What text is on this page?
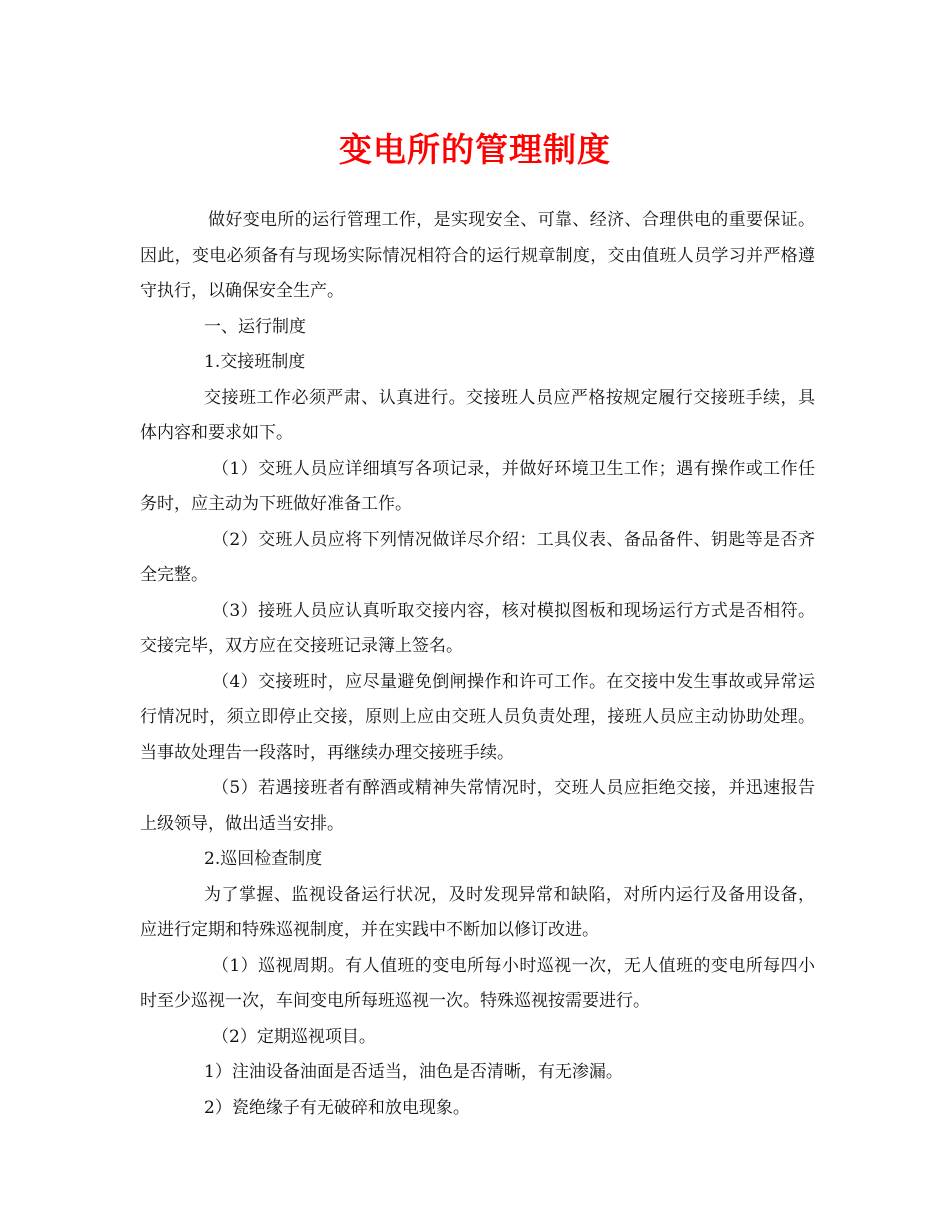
变电所的管理制度

做好变电所的运行管理工作，是实现安全、可靠、经济、合理供电的重要保证。因此，变电必须备有与现场实际情况相符合的运行规章制度，交由值班人员学习并严格遵守执行，以确保安全生产。

一、运行制度

1.交接班制度

交接班工作必须严肃、认真进行。交接班人员应严格按规定履行交接班手续，具体内容和要求如下。

（1）交班人员应详细填写各项记录，并做好环境卫生工作；遇有操作或工作任务时，应主动为下班做好准备工作。

（2）交班人员应将下列情况做详尽介绍：工具仪表、备品备件、钥匙等是否齐全完整。

（3）接班人员应认真听取交接内容，核对模拟图板和现场运行方式是否相符。交接完毕，双方应在交接班记录簿上签名。

（4）交接班时，应尽量避免倒闸操作和许可工作。在交接中发生事故或异常运行情况时，须立即停止交接，原则上应由交班人员负责处理，接班人员应主动协助处理。当事故处理告一段落时，再继续办理交接班手续。

（5）若遇接班者有醉酒或精神失常情况时，交班人员应拒绝交接，并迅速报告上级领导，做出适当安排。

2.巡回检查制度

为了掌握、监视设备运行状况，及时发现异常和缺陷，对所内运行及备用设备，应进行定期和特殊巡视制度，并在实践中不断加以修订改进。

（1）巡视周期。有人值班的变电所每小时巡视一次，无人值班的变电所每四小时至少巡视一次，车间变电所每班巡视一次。特殊巡视按需要进行。

（2）定期巡视项目。

1）注油设备油面是否适当，油色是否清晰，有无渗漏。

2）瓷绝缘子有无破碎和放电现象。
